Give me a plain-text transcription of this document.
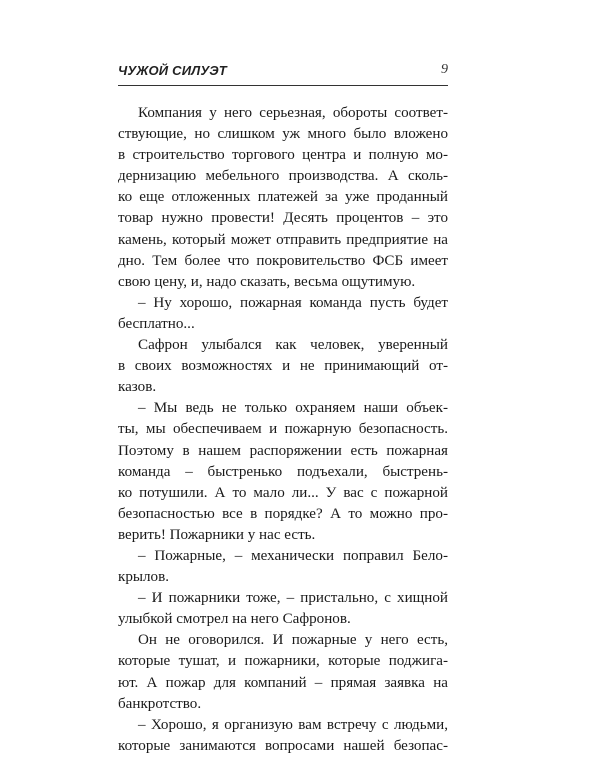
ЧУЖОЙ СИЛУЭТ	9
Компания у него серьезная, обороты соответ-
ствующие, но слишком уж много было вложено
в строительство торгового центра и полную мо-
дернизацию мебельного производства. А сколь-
ко еще отложенных платежей за уже проданный
товар нужно провести! Десять процентов – это
камень, который может отправить предприятие на
дно. Тем более что покровительство ФСБ имеет
свою цену, и, надо сказать, весьма ощутимую.
– Ну хорошо, пожарная команда пусть будет
бесплатно...
Сафрон улыбался как человек, уверенный
в своих возможностях и не принимающий от-
казов.
– Мы ведь не только охраняем наши объек-
ты, мы обеспечиваем и пожарную безопасность.
Поэтому в нашем распоряжении есть пожарная
команда – быстренько подъехали, быстрень-
ко потушили. А то мало ли... У вас с пожарной
безопасностью все в порядке? А то можно про-
верить! Пожарники у нас есть.
– Пожарные, – механически поправил Бело-
крылов.
– И пожарники тоже, – пристально, с хищной
улыбкой смотрел на него Сафронов.
Он не оговорился. И пожарные у него есть,
которые тушат, и пожарники, которые поджига-
ют. А пожар для компаний – прямая заявка на
банкротство.
– Хорошо, я организую вам встречу с людьми,
которые занимаются вопросами нашей безопас-
